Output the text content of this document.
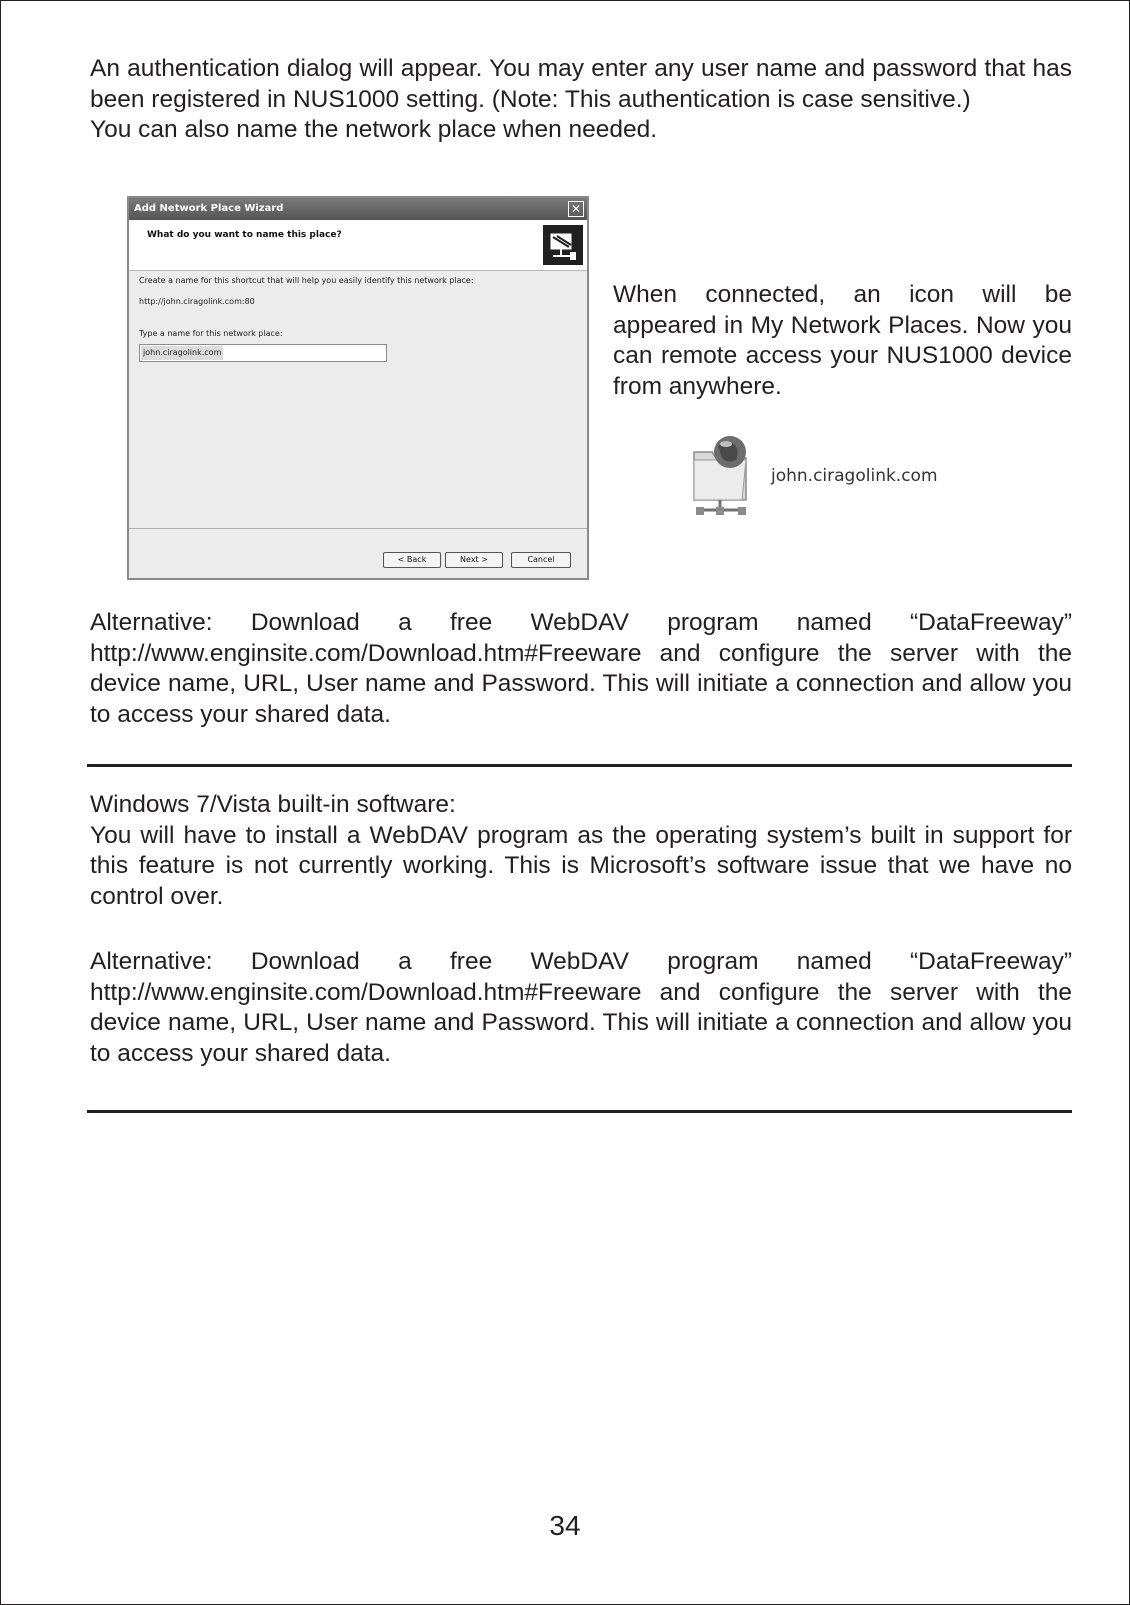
An authentication dialog will appear. You may enter any user name and password that has been registered in NUS1000 setting. (Note: This authentication is case sensitive.)

You can also name the network place when needed.

Add Network Place Wizard	✕
What do you want to name this place?
Create a name for this shortcut that will help you easily identify this network place:
http://john.ciragolink.com:80
Type a name for this network place:
john.ciragolink.com
< Back	Next >	Cancel
When connected, an icon will be appeared in My Network Places. Now you can remote access your NUS1000 device from anywhere.
john.ciragolink.com
Alternative: Download a free WebDAV program named “DataFreeway” http://www.enginsite.com/Download.htm#Freeware and configure the server with the device name, URL, User name and Password. This will initiate a connection and allow you to access your shared data.

Windows 7/Vista built-in software:

You will have to install a WebDAV program as the operating system’s built in support for this feature is not currently working. This is Microsoft’s software issue that we have no control over.

Alternative: Download a free WebDAV program named “DataFreeway” http://www.enginsite.com/Download.htm#Freeware and configure the server with the device name, URL, User name and Password. This will initiate a connection and allow you to access your shared data.
34
